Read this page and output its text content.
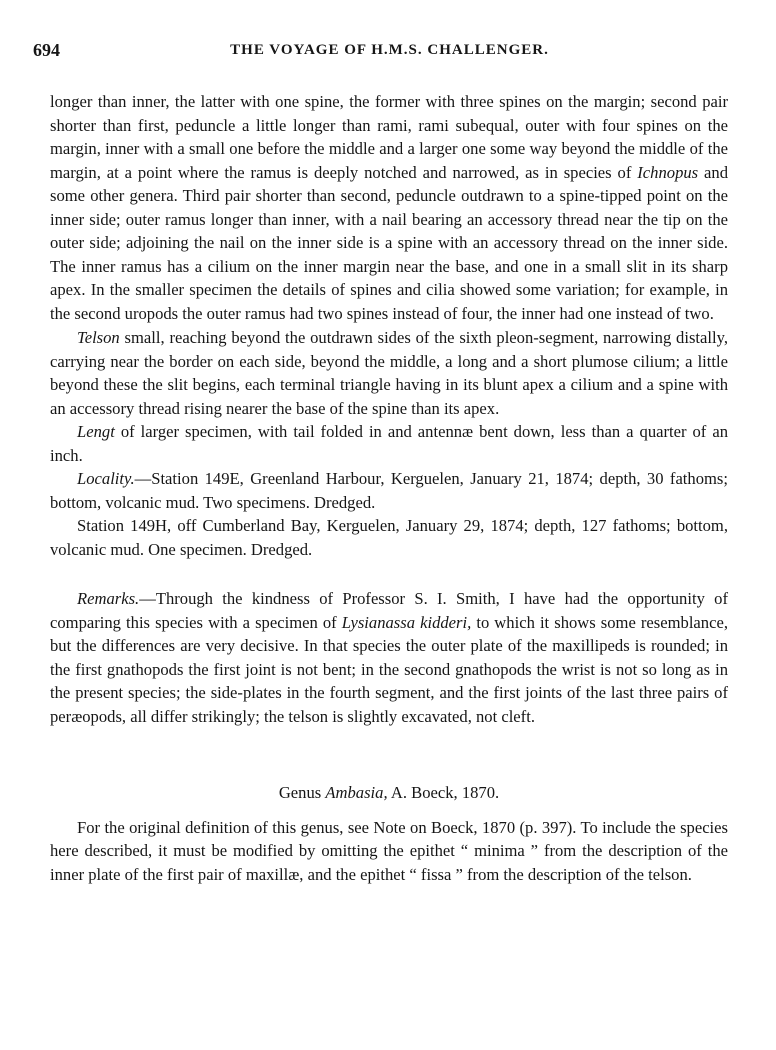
694	THE VOYAGE OF H.M.S. CHALLENGER.

longer than inner, the latter with one spine, the former with three spines on the margin; second pair shorter than first, peduncle a little longer than rami, rami subequal, outer with four spines on the margin, inner with a small one before the middle and a larger one some way beyond the middle of the margin, at a point where the ramus is deeply notched and narrowed, as in species of Ichnopus and some other genera. Third pair shorter than second, peduncle outdrawn to a spine-tipped point on the inner side; outer ramus longer than inner, with a nail bearing an accessory thread near the tip on the outer side; adjoining the nail on the inner side is a spine with an accessory thread on the inner side. The inner ramus has a cilium on the inner margin near the base, and one in a small slit in its sharp apex. In the smaller specimen the details of spines and cilia showed some variation; for example, in the second uropods the outer ramus had two spines instead of four, the inner had one instead of two.

Telson small, reaching beyond the outdrawn sides of the sixth pleon-segment, narrowing distally, carrying near the border on each side, beyond the middle, a long and a short plumose cilium; a little beyond these the slit begins, each terminal triangle having in its blunt apex a cilium and a spine with an accessory thread rising nearer the base of the spine than its apex.

Lengt of larger specimen, with tail folded in and antennæ bent down, less than a quarter of an inch.

Locality.—Station 149E, Greenland Harbour, Kerguelen, January 21, 1874; depth, 30 fathoms; bottom, volcanic mud. Two specimens. Dredged.

Station 149H, off Cumberland Bay, Kerguelen, January 29, 1874; depth, 127 fathoms; bottom, volcanic mud. One specimen. Dredged.

Remarks.—Through the kindness of Professor S. I. Smith, I have had the opportunity of comparing this species with a specimen of Lysianassa kidderi, to which it shows some resemblance, but the differences are very decisive. In that species the outer plate of the maxillipeds is rounded; in the first gnathopods the first joint is not bent; in the second gnathopods the wrist is not so long as in the present species; the side-plates in the fourth segment, and the first joints of the last three pairs of peræopods, all differ strikingly; the telson is slightly excavated, not cleft.

Genus Ambasia, A. Boeck, 1870.

For the original definition of this genus, see Note on Boeck, 1870 (p. 397). To include the species here described, it must be modified by omitting the epithet “ minima ” from the description of the inner plate of the first pair of maxillæ, and the epithet “ fissa ” from the description of the telson.
